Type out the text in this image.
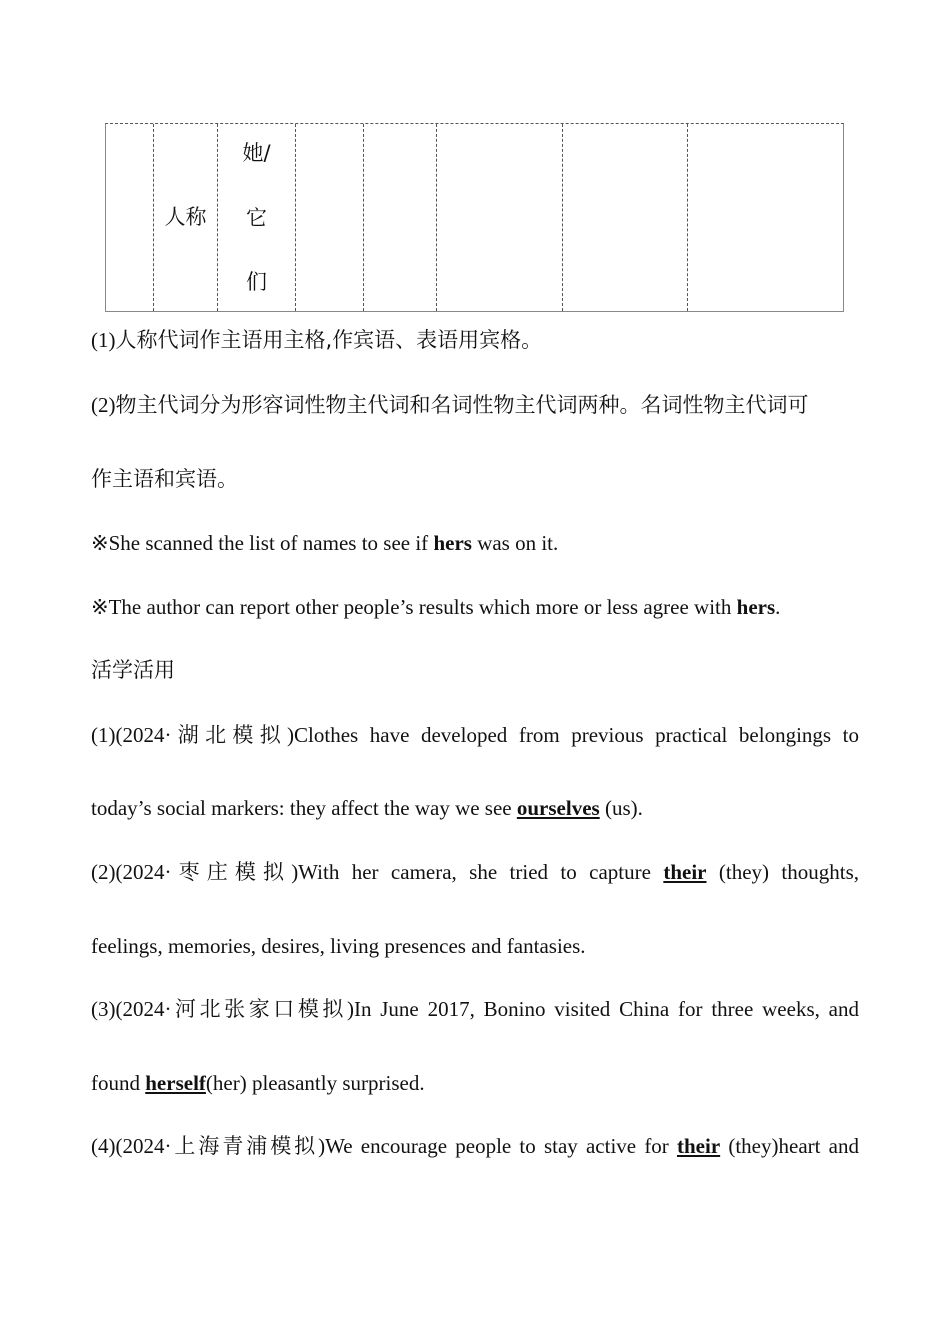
人称
她/
它
们
(1)人称代词作主语用主格,作宾语、表语用宾格。
(2)物主代词分为形容词性物主代词和名词性物主代词两种。名词性物主代词可
作主语和宾语。
※She scanned the list of names to see if hers was on it.
※The author can report other people’s results which more or less agree with hers.
活学活用
(1)(2024·湖北模拟)Clothes have developed from previous practical belongings to
today’s social markers: they affect the way we see ourselves (us).
(2)(2024·枣庄模拟)With her camera, she tried to capture their (they) thoughts,
feelings, memories, desires, living presences and fantasies.
(3)(2024·河北张家口模拟)In June 2017, Bonino visited China for three weeks, and
found herself(her) pleasantly surprised.
(4)(2024·上海青浦模拟)We encourage people to stay active for their (they)heart and
